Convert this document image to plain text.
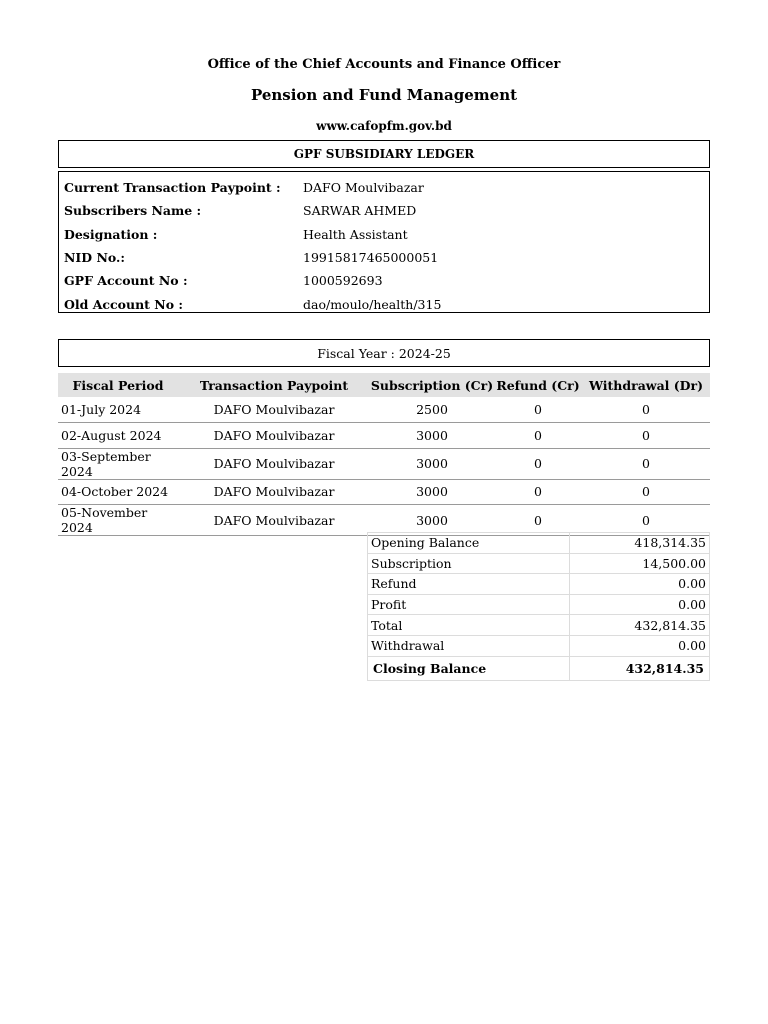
Office of the Chief Accounts and Finance Officer
Pension and Fund Management
www.cafopfm.gov.bd
GPF SUBSIDIARY LEDGER
Current Transaction Paypoint :	DAFO Moulvibazar
Subscribers Name :	SARWAR AHMED
Designation :	Health Assistant
NID No.:	19915817465000051
GPF Account No :	1000592693
Old Account No :	dao/moulo/health/315
Fiscal Year : 2024-25
Fiscal Period	Transaction Paypoint	Subscription (Cr)	Refund (Cr)	Withdrawal (Dr)
01-July 2024	DAFO Moulvibazar	2500	0	0
02-August 2024	DAFO Moulvibazar	3000	0	0
03-September 2024	DAFO Moulvibazar	3000	0	0
04-October 2024	DAFO Moulvibazar	3000	0	0
05-November 2024	DAFO Moulvibazar	3000	0	0
Opening Balance	418,314.35
Subscription	14,500.00
Refund	0.00
Profit	0.00
Total	432,814.35
Withdrawal	0.00
Closing Balance	432,814.35
